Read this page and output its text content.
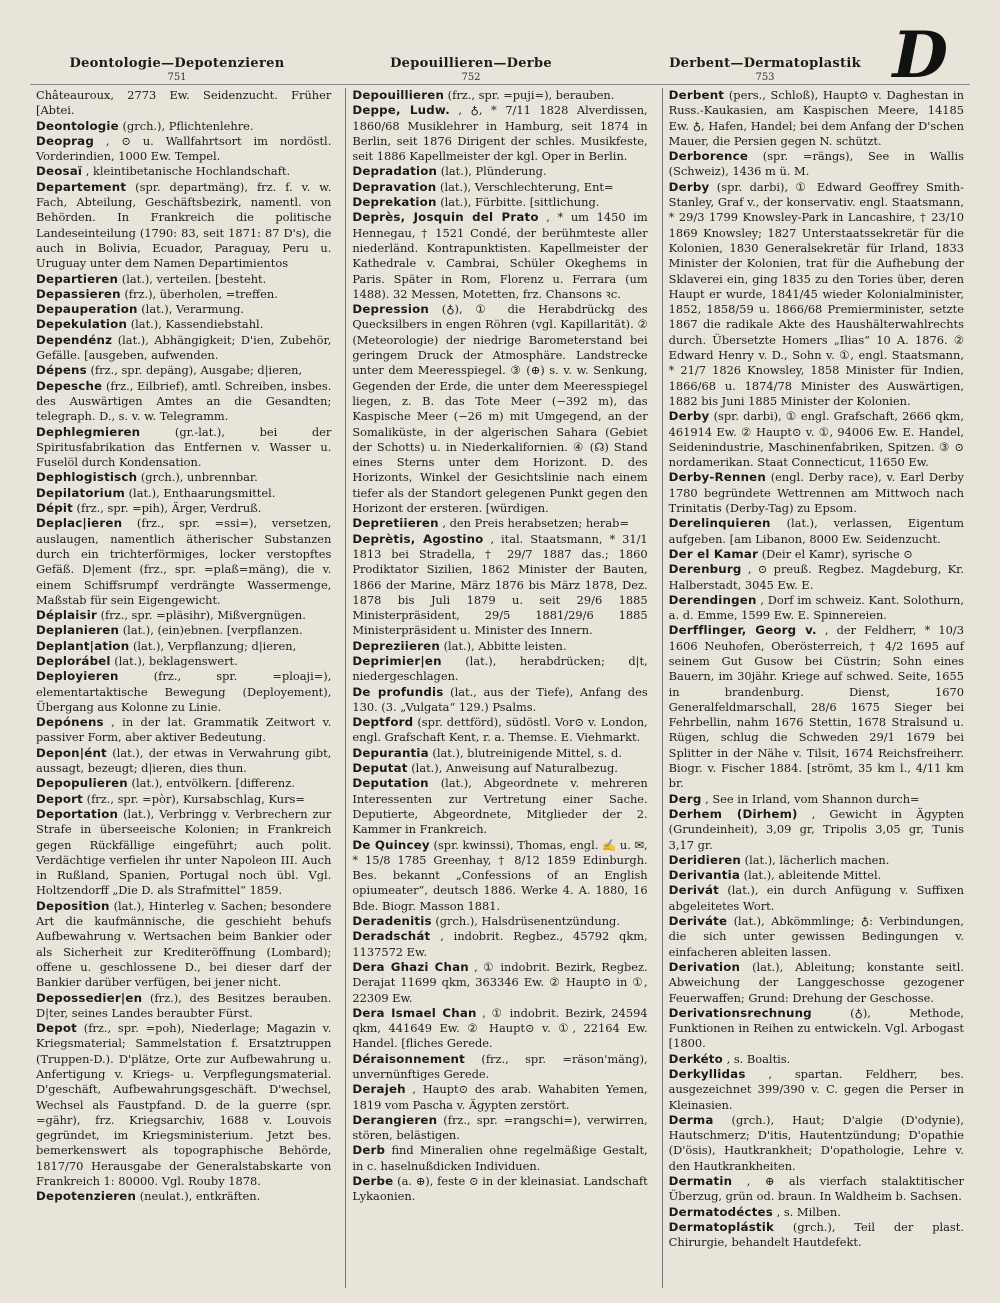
D
Deontologie—Depotenzieren
751
Depouillieren—Derbe
752
Derbent—Dermatoplastik
753

Châteauroux, 2773 Ew. Seidenzucht. Früher [Abtei.

Deontologie (grch.), Pflichtenlehre.

Deoprag , ⊙ u. Wallfahrtsort im nordöstl. Vorderindien, 1000 Ew. Tempel.

Deosaï , kleintibetanische Hochlandschaft.

Departement (spr. departmäng), frz. f. v. w. Fach, Abteilung, Geschäftsbezirk, namentl. von Behörden. In Frankreich die politische Landeseinteilung (1790: 83, seit 1871: 87 D's), die auch in Bolivia, Ecuador, Paraguay, Peru u. Uruguay unter dem Namen Departimientos

Departieren (lat.), verteilen. [besteht.

Depassieren (frz.), überholen, =treffen.

Depauperation (lat.), Verarmung.

Depekulation (lat.), Kassendiebstahl.

Dependénz (lat.), Abhängigkeit; D'ien, Zubehör, Gefälle. [ausgeben, aufwenden.

Dépens (frz., spr. depäng), Ausgabe; d|ieren,

Depesche (frz., Eilbrief), amtl. Schreiben, insbes. des Auswärtigen Amtes an die Gesandten; telegraph. D., s. v. w. Telegramm.

Dephlegmieren (gr.-lat.), bei der Spiritusfabrikation das Entfernen v. Wasser u. Fuselöl durch Kondensation.

Dephlogistisch (grch.), unbrennbar.

Depilatorium (lat.), Enthaarungsmittel.

Dépit (frz., spr. =pih), Ärger, Verdruß.

Deplac|ieren (frz., spr. =ssi=), versetzen, auslaugen, namentlich ätherischer Substanzen durch ein trichterförmiges, locker verstopftes Gefäß. D|ement (frz., spr. =plaß=mäng), die v. einem Schiffsrumpf verdrängte Wassermenge, Maßstab für sein Eigengewicht.

Déplaisir (frz., spr. =pläsihr), Mißvergnügen.

Deplanieren (lat.), (ein)ebnen. [verpflanzen.

Deplant|ation (lat.), Verpflanzung; d|ieren,

Deplorábel (lat.), beklagenswert.

Deployieren (frz., spr. =ploaji=), elementartaktische Bewegung (Deployement), Übergang aus Kolonne zu Linie.

Depónens , in der lat. Grammatik Zeitwort v. passiver Form, aber aktiver Bedeutung.

Depon|ént (lat.), der etwas in Verwahrung gibt, aussagt, bezeugt; d|ieren, dies thun.

Depopulieren (lat.), entvölkern. [differenz.

Deport (frz., spr. =pòr), Kursabschlag, Kurs=

Deportation (lat.), Verbringg v. Verbrechern zur Strafe in überseeische Kolonien; in Frankreich gegen Rückfällige eingeführt; auch polit. Verdächtige verfielen ihr unter Napoleon III. Auch in Rußland, Spanien, Portugal noch übl. Vgl. Holtzendorff „Die D. als Strafmittel“ 1859.

Deposition (lat.), Hinterleg v. Sachen; besondere Art die kaufmännische, die geschieht behufs Aufbewahrung v. Wertsachen beim Bankier oder als Sicherheit zur Krediteröffnung (Lombard); offene u. geschlossene D., bei dieser darf der Bankier darüber verfügen, bei jener nicht.

Depossedier|en (frz.), des Besitzes berauben. D|ter, seines Landes beraubter Fürst.

Depot (frz., spr. =poh), Niederlage; Magazin v. Kriegsmaterial; Sammelstation f. Ersatztruppen (Truppen-D.). D'plätze, Orte zur Aufbewahrung u. Anfertigung v. Kriegs- u. Verpflegungsmaterial. D'geschäft, Aufbewahrungsgeschäft. D'wechsel, Wechsel als Faustpfand. D. de la guerre (spr. =gähr), frz. Kriegsarchiv, 1688 v. Louvois gegründet, im Kriegsministerium. Jetzt bes. bemerkenswert als topographische Behörde, 1817/70 Herausgabe der Generalstabskarte von Frankreich 1: 80000. Vgl. Rouby 1878.

Depotenzieren (neulat.), entkräften.

Depouillieren (frz., spr. =puji=), berauben.

Deppe, Ludw. , ♁, * 7/11 1828 Alverdissen, 1860/68 Musiklehrer in Hamburg, seit 1874 in Berlin, seit 1876 Dirigent der schles. Musikfeste, seit 1886 Kapellmeister der kgl. Oper in Berlin.

Depradation (lat.), Plünderung.

Depravation (lat.), Verschlechterung, Ent=

Deprekation (lat.), Fürbitte. [sittlichung.

Deprès, Josquin del Prato , * um 1450 im Hennegau, † 1521 Condé, der berühmteste aller niederländ. Kontrapunktisten. Kapellmeister der Kathedrale v. Cambrai, Schüler Okeghems in Paris. Später in Rom, Florenz u. Ferrara (um 1488). 32 Messen, Motetten, frz. Chansons ꝛc.

Depression (♁), ① die Herabdrückg des Quecksilbers in engen Röhren (vgl. Kapillarität). ② (Meteorologie) der niedrige Barometerstand bei geringem Druck der Atmosphäre. Landstrecke unter dem Meeresspiegel. ③ (⊕) s. v. w. Senkung, Gegenden der Erde, die unter dem Meeresspiegel liegen, z. B. das Tote Meer (−392 m), das Kaspische Meer (−26 m) mit Umgegend, an der Somaliküste, in der algerischen Sahara (Gebiet der Schotts) u. in Niederkalifornien. ④ (☊) Stand eines Sterns unter dem Horizont. D. des Horizonts, Winkel der Gesichtslinie nach einem tiefer als der Standort gelegenen Punkt gegen den Horizont der ersteren. [würdigen.

Depretiieren , den Preis herabsetzen; herab=

Deprètis, Agostino , ital. Staatsmann, * 31/1 1813 bei Stradella, † 29/7 1887 das.; 1860 Prodiktator Sizilien, 1862 Minister der Bauten, 1866 der Marine, März 1876 bis März 1878, Dez. 1878 bis Juli 1879 u. seit 29/6 1885 Ministerpräsident, 29/5 1881/29/6 1885 Ministerpräsident u. Minister des Innern.

Depreziieren (lat.), Abbitte leisten.

Deprimier|en (lat.), herabdrücken; d|t, niedergeschlagen.

De profundis (lat., aus der Tiefe), Anfang des 130. (3. „Vulgata“ 129.) Psalms.

Deptford (spr. dettförd), südöstl. Vor⊙ v. London, engl. Grafschaft Kent, r. a. Themse. E. Viehmarkt.

Depurantia (lat.), blutreinigende Mittel, s. d.

Deputat (lat.), Anweisung auf Naturalbezug.

Deputation (lat.), Abgeordnete v. mehreren Interessenten zur Vertretung einer Sache. Deputierte, Abgeordnete, Mitglieder der 2. Kammer in Frankreich.

De Quincey (spr. kwinssi), Thomas, engl. ✍ u. ✉, * 15/8 1785 Greenhay, † 8/12 1859 Edinburgh. Bes. bekannt „Confessions of an English opiumeater“, deutsch 1886. Werke 4. A. 1880, 16 Bde. Biogr. Masson 1881.

Deradenitis (grch.), Halsdrüsenentzündung.

Deradschát , indobrit. Regbez., 45792 qkm, 1137572 Ew.

Dera Ghazi Chan , ① indobrit. Bezirk, Regbez. Derajat 11699 qkm, 363346 Ew. ② Haupt⊙ in ①, 22309 Ew.

Dera Ismael Chan , ① indobrit. Bezirk, 24594 qkm, 441649 Ew. ② Haupt⊙ v. ①, 22164 Ew. Handel. [fliches Gerede.

Déraisonnement (frz., spr. =räson'mäng), unvernünftiges Gerede.

Derajeh , Haupt⊙ des arab. Wahabiten Yemen, 1819 vom Pascha v. Ägypten zerstört.

Derangieren (frz., spr. =rangschi=), verwirren, stören, belästigen.

Derb find Mineralien ohne regelmäßige Gestalt, in c. haselnußdicken Individuen.

Derbe (a. ⊕), feste ⊙ in der kleinasiat. Landschaft Lykaonien.

Derbent (pers., Schloß), Haupt⊙ v. Daghestan in Russ.-Kaukasien, am Kaspischen Meere, 14185 Ew. ♁, Hafen, Handel; bei dem Anfang der D'schen Mauer, die Persien gegen N. schützt.

Derborence (spr. =rängs), See in Wallis (Schweiz), 1436 m ü. M.

Derby (spr. darbi), ① Edward Geoffrey Smith-Stanley, Graf v., der konservativ. engl. Staatsmann, * 29/3 1799 Knowsley-Park in Lancashire, † 23/10 1869 Knowsley; 1827 Unterstaatssekretär für die Kolonien, 1830 Generalsekretär für Irland, 1833 Minister der Kolonien, trat für die Aufhebung der Sklaverei ein, ging 1835 zu den Tories über, deren Haupt er wurde, 1841/45 wieder Kolonialminister, 1852, 1858/59 u. 1866/68 Premierminister, setzte 1867 die radikale Akte des Haushälterwahlrechts durch. Übersetzte Homers „Ilias“ 10 A. 1876. ② Edward Henry v. D., Sohn v. ①, engl. Staatsmann, * 21/7 1826 Knowsley, 1858 Minister für Indien, 1866/68 u. 1874/78 Minister des Auswärtigen, 1882 bis Juni 1885 Minister der Kolonien.

Derby (spr. darbi), ① engl. Grafschaft, 2666 qkm, 461914 Ew. ② Haupt⊙ v. ①, 94006 Ew. E. Handel, Seidenindustrie, Maschinenfabriken, Spitzen. ③ ⊙ nordamerikan. Staat Connecticut, 11650 Ew.

Derby-Rennen (engl. Derby race), v. Earl Derby 1780 begründete Wettrennen am Mittwoch nach Trinitatis (Derby-Tag) zu Epsom.

Derelinquieren (lat.), verlassen, Eigentum aufgeben. [am Libanon, 8000 Ew. Seidenzucht.

Der el Kamar (Deir el Kamr), syrische ⊙

Derenburg , ⊙ preuß. Regbez. Magdeburg, Kr. Halberstadt, 3045 Ew. E.

Derendingen , Dorf im schweiz. Kant. Solothurn, a. d. Emme, 1599 Ew. E. Spinnereien.

Derfflinger, Georg v. , der Feldherr, * 10/3 1606 Neuhofen, Oberösterreich, † 4/2 1695 auf seinem Gut Gusow bei Cüstrin; Sohn eines Bauern, im 30jähr. Kriege auf schwed. Seite, 1655 in brandenburg. Dienst, 1670 Generalfeldmarschall, 28/6 1675 Sieger bei Fehrbellin, nahm 1676 Stettin, 1678 Stralsund u. Rügen, schlug die Schweden 29/1 1679 bei Splitter in der Nähe v. Tilsit, 1674 Reichsfreiherr. Biogr. v. Fischer 1884. [strömt, 35 km l., 4/11 km br.

Derg , See in Irland, vom Shannon durch=

Derhem (Dirhem) , Gewicht in Ägypten (Grundeinheit), 3,09 gr, Tripolis 3,05 gr, Tunis 3,17 gr.

Deridieren (lat.), lächerlich machen.

Derivantia (lat.), ableitende Mittel.

Derivát (lat.), ein durch Anfügung v. Suffixen abgeleitetes Wort.

Deriváte (lat.), Abkömmlinge; ♁: Verbindungen, die sich unter gewissen Bedingungen v. einfacheren ableiten lassen.

Derivation (lat.), Ableitung; konstante seitl. Abweichung der Langgeschosse gezogener Feuerwaffen; Grund: Drehung der Geschosse.

Derivationsrechnung (♁), Methode, Funktionen in Reihen zu entwickeln. Vgl. Arbogast [1800.

Derkéto , s. Boaltis.

Derkyllidas , spartan. Feldherr, bes. ausgezeichnet 399/390 v. C. gegen die Perser in Kleinasien.

Derma (grch.), Haut; D'algie (D'odynie), Hautschmerz; D'itis, Hautentzündung; D'opathie (D'ösis), Hautkrankheit; D'opathologie, Lehre v. den Hautkrankheiten.

Dermatin , ⊕ als vierfach stalaktitischer Überzug, grün od. braun. In Waldheim b. Sachsen.

Dermatodéctes , s. Milben.

Dermatoplástik (grch.), Teil der plast. Chirurgie, behandelt Hautdefekt.
